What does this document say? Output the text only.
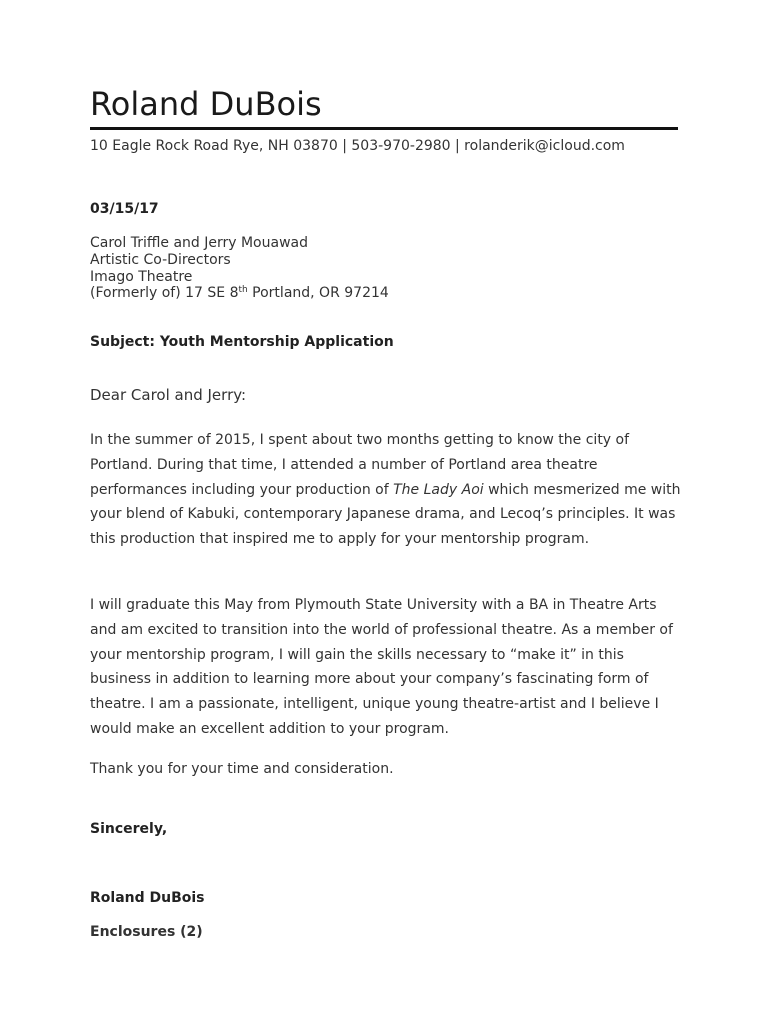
Roland DuBois
10 Eagle Rock Road Rye, NH 03870 | 503-970-2980 | rolanderik@icloud.com
03/15/17
Carol Triffle and Jerry Mouawad
Artistic Co-Directors
Imago Theatre
(Formerly of) 17 SE 8th Portland, OR 97214
Subject: Youth Mentorship Application
Dear Carol and Jerry:
In the summer of 2015, I spent about two months getting to know the city of
Portland. During that time, I attended a number of Portland area theatre
performances including your production of The Lady Aoi which mesmerized me with
your blend of Kabuki, contemporary Japanese drama, and Lecoq’s principles. It was
this production that inspired me to apply for your mentorship program.
I will graduate this May from Plymouth State University with a BA in Theatre Arts
and am excited to transition into the world of professional theatre. As a member of
your mentorship program, I will gain the skills necessary to “make it” in this
business in addition to learning more about your company’s fascinating form of
theatre. I am a passionate, intelligent, unique young theatre-artist and I believe I
would make an excellent addition to your program.
Thank you for your time and consideration.
Sincerely,
Roland DuBois
Enclosures (2)
